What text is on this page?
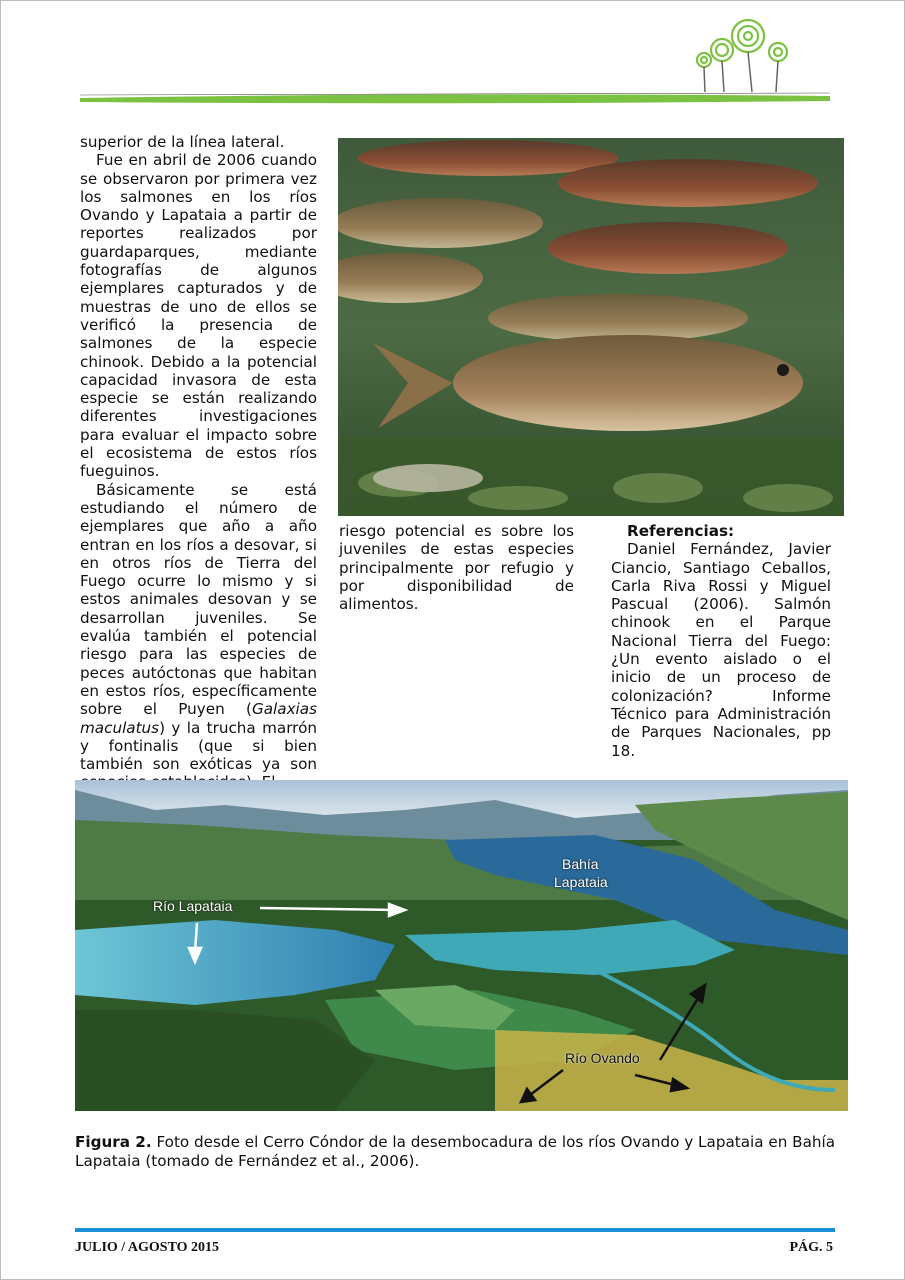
superior de la línea lateral.

Fue en abril de 2006 cuando se observaron por primera vez los salmones en los ríos Ovando y Lapataia a partir de reportes realizados por guardaparques, mediante fotografías de algunos ejemplares capturados y de muestras de uno de ellos se verificó la presencia de salmones de la especie chinook. Debido a la potencial capacidad invasora de esta especie se están realizando diferentes investigaciones para evaluar el impacto sobre el ecosistema de estos ríos fueguinos.

Básicamente se está estudiando el número de ejemplares que año a año entran en los ríos a desovar, si en otros ríos de Tierra del Fuego ocurre lo mismo y si estos animales desovan y se desarrollan juveniles. Se evalúa también el potencial riesgo para las especies de peces autóctonas que habitan en estos ríos, específicamente sobre el Puyen (Galaxias maculatus) y la trucha marrón y fontinalis (que si bien también son exóticas ya son

riesgo potencial es sobre los juveniles de estas especies principalmente por refugio y por disponibilidad de alimentos.

Referencias:

Daniel Fernández, Javier Ciancio, Santiago Ceballos, Carla Riva Rossi y Miguel Pascual (2006). Salmón chinook en el Parque Nacional Tierra del Fuego: ¿Un evento aislado o el inicio de un proceso de colonización? Informe Técnico para Administración de Parques Nacionales, pp 18.

Bahía
Lapataia
Río Lapataia
Río Ovando
Figura 2. Foto desde el Cerro Cóndor de la desembocadura de los ríos Ovando y Lapataia en Bahía Lapataia (tomado de Fernández et al., 2006).
JULIO / AGOSTO 2015	PÁG. 5
